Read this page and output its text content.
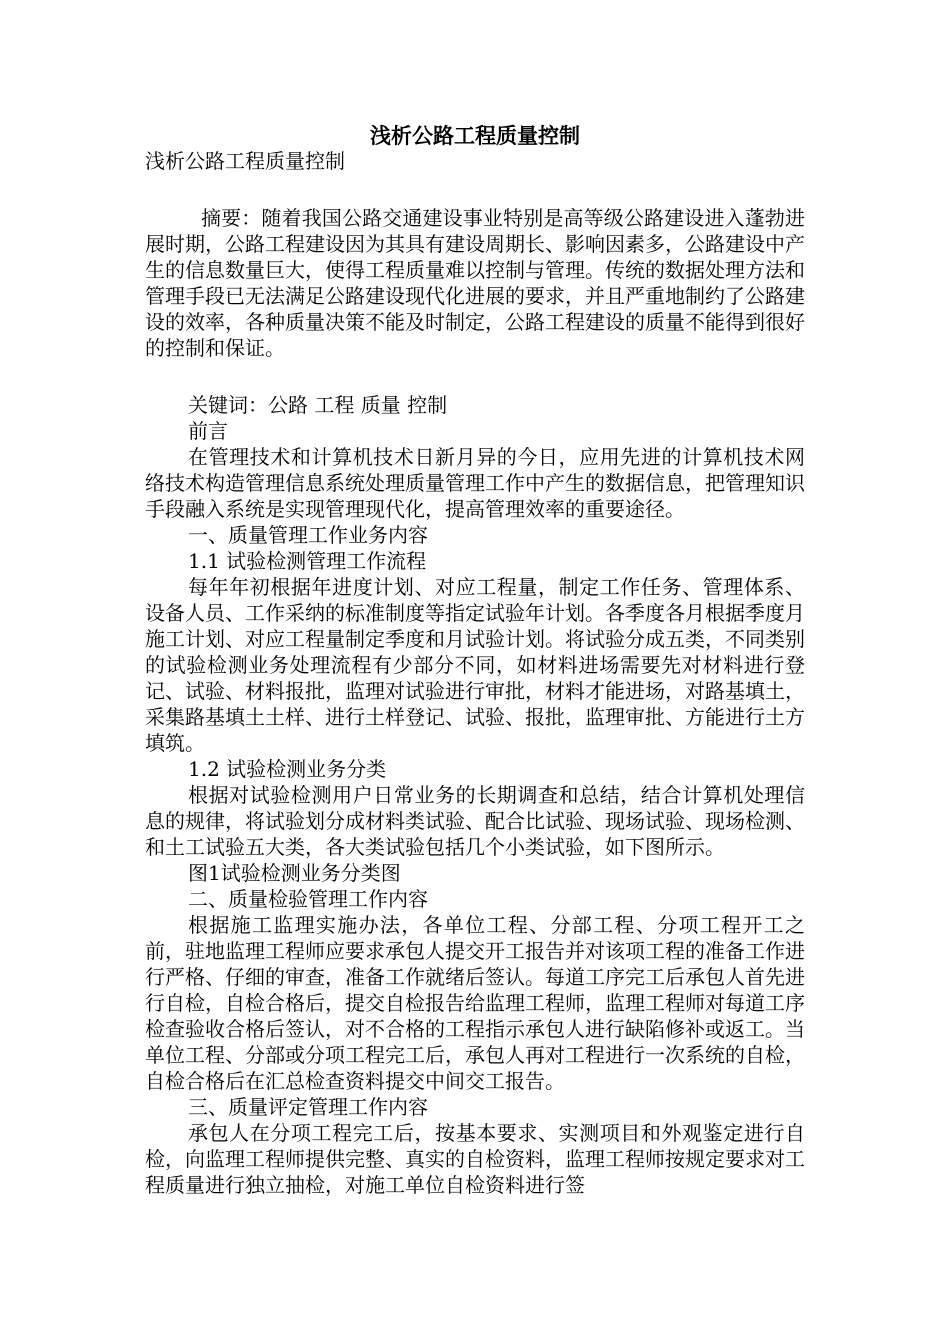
浅析公路工程质量控制

浅析公路工程质量控制

摘要：随着我国公路交通建设事业特别是高等级公路建设进入蓬勃进展时期，公路工程建设因为其具有建设周期长、影响因素多，公路建设中产生的信息数量巨大，使得工程质量难以控制与管理。传统的数据处理方法和管理手段已无法满足公路建设现代化进展的要求，并且严重地制约了公路建设的效率，各种质量决策不能及时制定，公路工程建设的质量不能得到很好的控制和保证。

关键词：公路 工程 质量 控制

前言

在管理技术和计算机技术日新月异的今日，应用先进的计算机技术网络技术构造管理信息系统处理质量管理工作中产生的数据信息，把管理知识手段融入系统是实现管理现代化，提高管理效率的重要途径。

一、质量管理工作业务内容

1.1 试验检测管理工作流程

每年年初根据年进度计划、对应工程量，制定工作任务、管理体系、设备人员、工作采纳的标准制度等指定试验年计划。各季度各月根据季度月施工计划、对应工程量制定季度和月试验计划。将试验分成五类，不同类别的试验检测业务处理流程有少部分不同，如材料进场需要先对材料进行登记、试验、材料报批，监理对试验进行审批，材料才能进场，对路基填土，采集路基填土土样、进行土样登记、试验、报批，监理审批、方能进行土方填筑。

1.2 试验检测业务分类

根据对试验检测用户日常业务的长期调查和总结，结合计算机处理信息的规律，将试验划分成材料类试验、配合比试验、现场试验、现场检测、和土工试验五大类，各大类试验包括几个小类试验，如下图所示。

图1试验检测业务分类图

二、质量检验管理工作内容

根据施工监理实施办法，各单位工程、分部工程、分项工程开工之前，驻地监理工程师应要求承包人提交开工报告并对该项工程的准备工作进行严格、仔细的审查，准备工作就绪后签认。每道工序完工后承包人首先进行自检，自检合格后，提交自检报告给监理工程师，监理工程师对每道工序检查验收合格后签认，对不合格的工程指示承包人进行缺陷修补或返工。当单位工程、分部或分项工程完工后，承包人再对工程进行一次系统的自检，自检合格后在汇总检查资料提交中间交工报告。

三、质量评定管理工作内容

承包人在分项工程完工后，按基本要求、实测项目和外观鉴定进行自检，向监理工程师提供完整、真实的自检资料，监理工程师按规定要求对工程质量进行独立抽检，对施工单位自检资料进行签
